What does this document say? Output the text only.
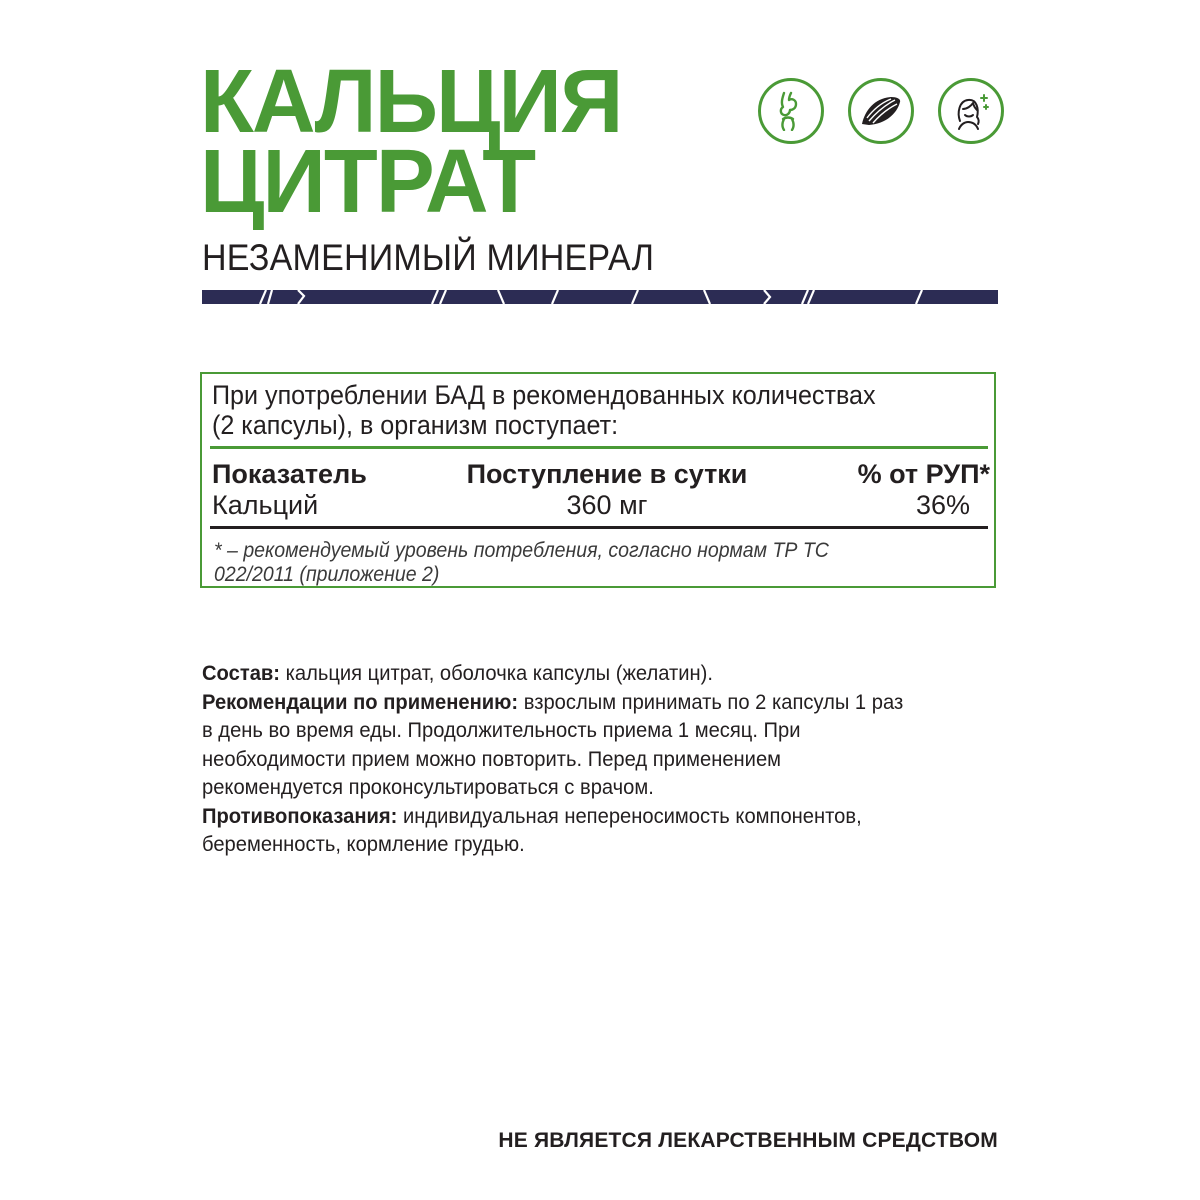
КАЛЬЦИЯ
ЦИТРАТ
НЕЗАМЕНИМЫЙ МИНЕРАЛ
При употреблении БАД в рекомендованных количествах
(2 капсулы), в организм поступает:
Показатель	Поступление в сутки	% от РУП*
Кальций	360 мг	36%
* – рекомендуемый уровень потребления, согласно нормам ТР ТС
022/2011 (приложение 2)

Состав: кальция цитрат, оболочка капсулы (желатин).

Рекомендации по применению: взрослым принимать по 2 капсулы 1 раз
в день во время еды. Продолжительность приема 1 месяц. При
необходимости прием можно повторить. Перед применением
рекомендуется проконсультироваться с врачом.

Противопоказания: индивидуальная непереносимость компонентов,
беременность, кормление грудью.

НЕ ЯВЛЯЕТСЯ ЛЕКАРСТВЕННЫМ СРЕДСТВОМ
